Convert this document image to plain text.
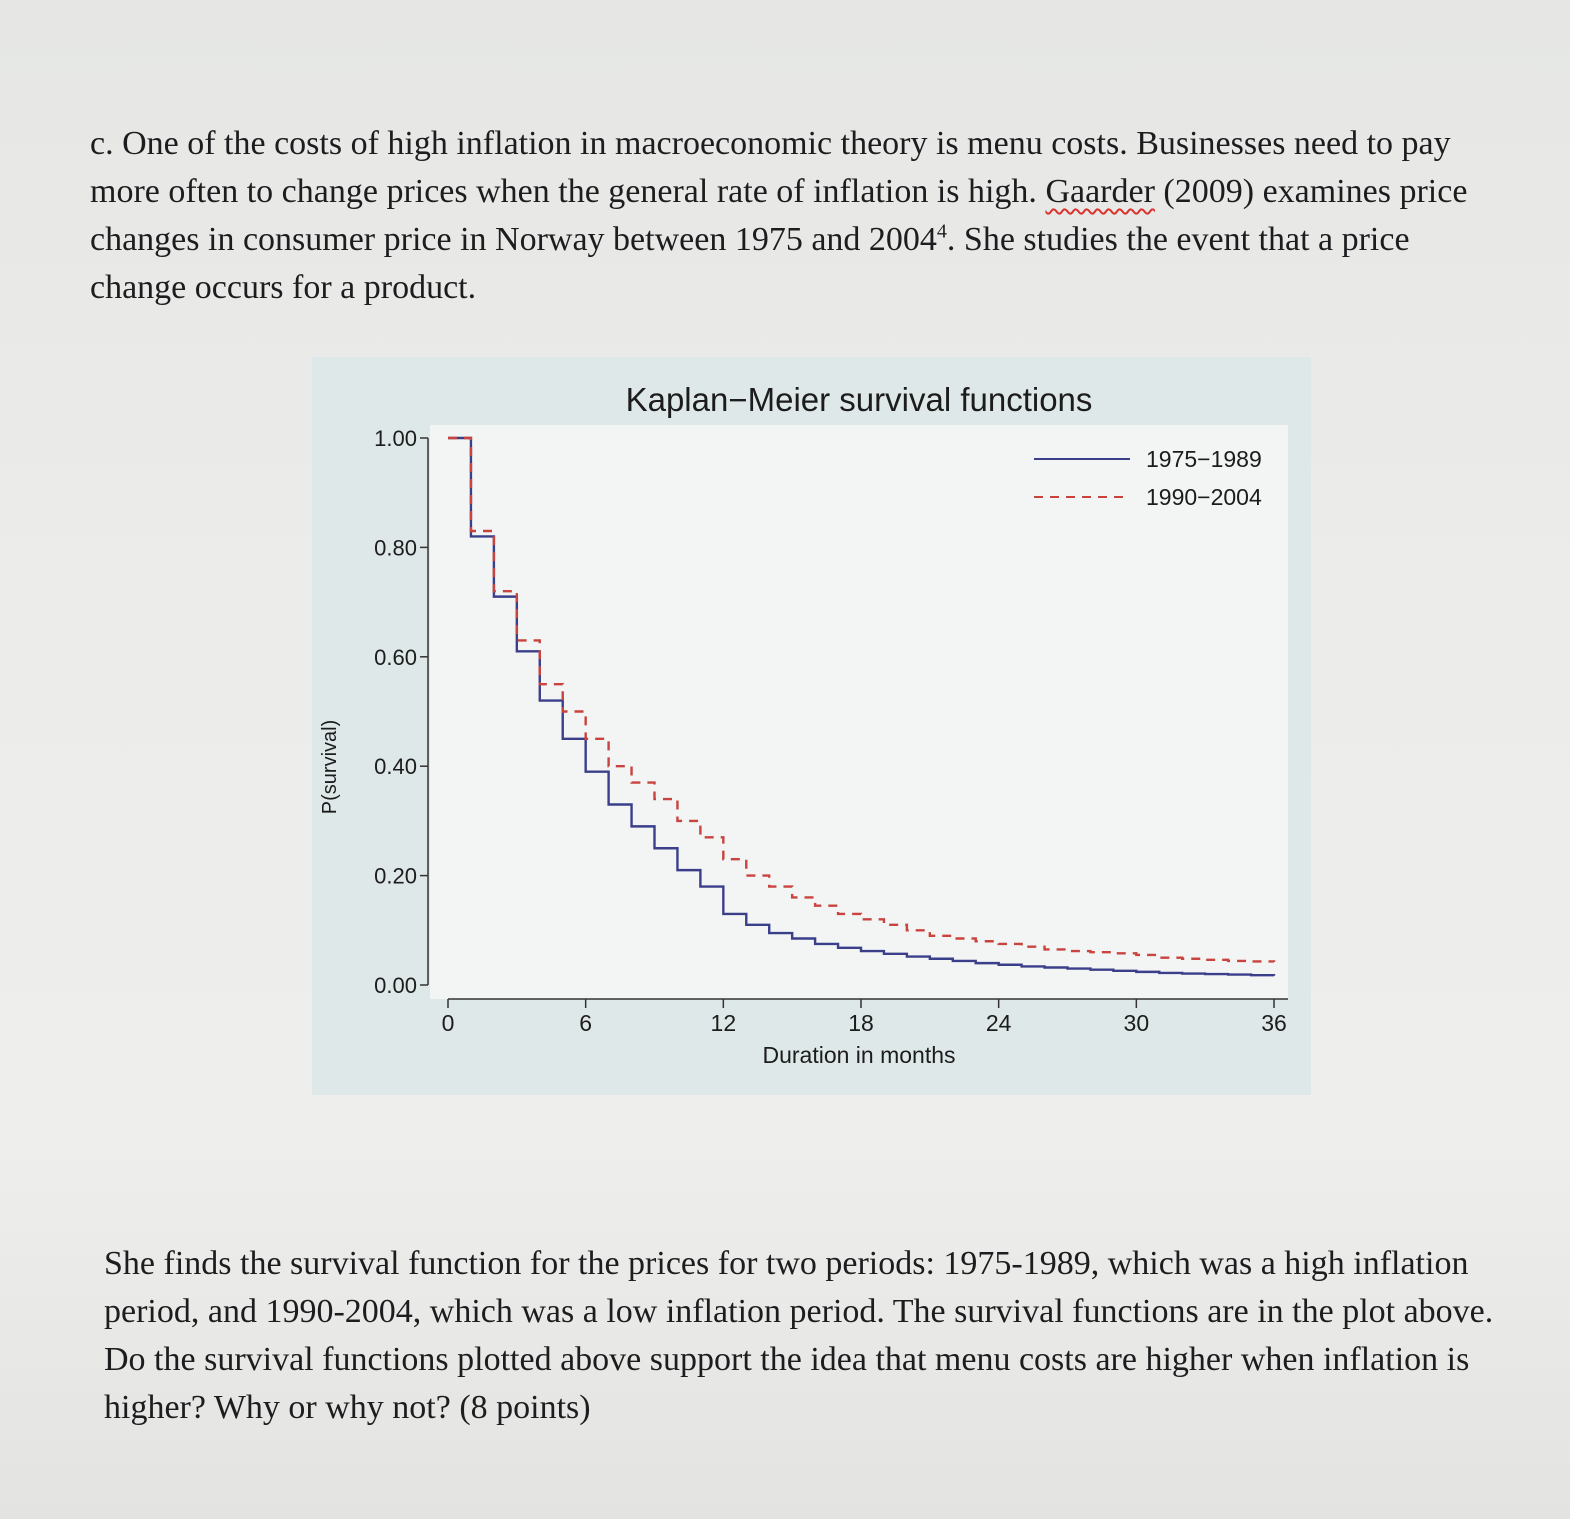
c. One of the costs of high inflation in macroeconomic theory is menu costs. Businesses need to pay more often to change prices when the general rate of inflation is high. Gaarder (2009) examines price changes in consumer price in Norway between 1975 and 2004$^4$. She studies the event that a price change occurs for a product.

Kaplan−Meier survival functions
P(survival)
Duration in months
0.00
0.20
0.40
0.60
0.80
1.00
0	6	12	18	24	30	36
1975−1989
1990−2004

She finds the survival function for the prices for two periods: 1975-1989, which was a high inflation period, and 1990-2004, which was a low inflation period. The survival functions are in the plot above. Do the survival functions plotted above support the idea that menu costs are higher when inflation is higher? Why or why not? (8 points)
